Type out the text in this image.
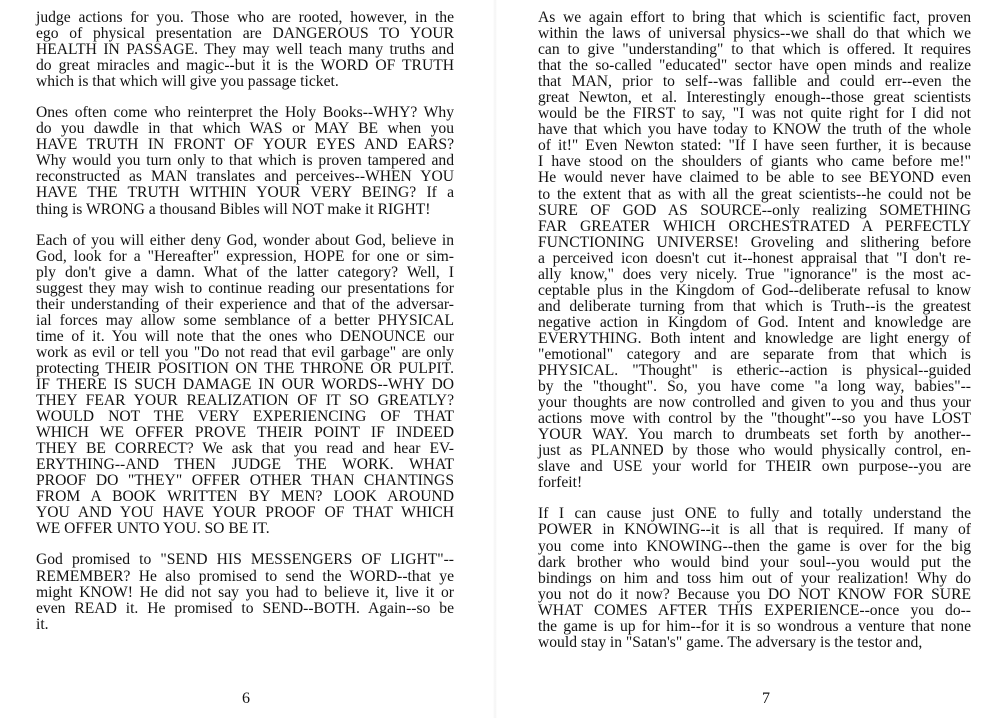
judge actions for you. Those who are rooted, however, in the
ego of physical presentation are DANGEROUS TO YOUR
HEALTH IN PASSAGE. They may well teach many truths and
do great miracles and magic--but it is the WORD OF TRUTH
which is that which will give you passage ticket.
Ones often come who reinterpret the Holy Books--WHY? Why
do you dawdle in that which WAS or MAY BE when you
HAVE TRUTH IN FRONT OF YOUR EYES AND EARS?
Why would you turn only to that which is proven tampered and
reconstructed as MAN translates and perceives--WHEN YOU
HAVE THE TRUTH WITHIN YOUR VERY BEING? If a
thing is WRONG a thousand Bibles will NOT make it RIGHT!
Each of you will either deny God, wonder about God, believe in
God, look for a "Hereafter" expression, HOPE for one or sim-
ply don't give a damn. What of the latter category? Well, I
suggest they may wish to continue reading our presentations for
their understanding of their experience and that of the adversar-
ial forces may allow some semblance of a better PHYSICAL
time of it. You will note that the ones who DENOUNCE our
work as evil or tell you "Do not read that evil garbage" are only
protecting THEIR POSITION ON THE THRONE OR PULPIT.
IF THERE IS SUCH DAMAGE IN OUR WORDS--WHY DO
THEY FEAR YOUR REALIZATION OF IT SO GREATLY?
WOULD NOT THE VERY EXPERIENCING OF THAT
WHICH WE OFFER PROVE THEIR POINT IF INDEED
THEY BE CORRECT? We ask that you read and hear EV-
ERYTHING--AND THEN JUDGE THE WORK. WHAT
PROOF DO "THEY" OFFER OTHER THAN CHANTINGS
FROM A BOOK WRITTEN BY MEN? LOOK AROUND
YOU AND YOU HAVE YOUR PROOF OF THAT WHICH
WE OFFER UNTO YOU. SO BE IT.
God promised to "SEND HIS MESSENGERS OF LIGHT"--
REMEMBER? He also promised to send the WORD--that ye
might KNOW! He did not say you had to believe it, live it or
even READ it. He promised to SEND--BOTH. Again--so be
it.
6
As we again effort to bring that which is scientific fact, proven
within the laws of universal physics--we shall do that which we
can to give "understanding" to that which is offered. It requires
that the so-called "educated" sector have open minds and realize
that MAN, prior to self--was fallible and could err--even the
great Newton, et al. Interestingly enough--those great scientists
would be the FIRST to say, "I was not quite right for I did not
have that which you have today to KNOW the truth of the whole
of it!" Even Newton stated: "If I have seen further, it is because
I have stood on the shoulders of giants who came before me!"
He would never have claimed to be able to see BEYOND even
to the extent that as with all the great scientists--he could not be
SURE OF GOD AS SOURCE--only realizing SOMETHING
FAR GREATER WHICH ORCHESTRATED A PERFECTLY
FUNCTIONING UNIVERSE! Groveling and slithering before
a perceived icon doesn't cut it--honest appraisal that "I don't re-
ally know," does very nicely. True "ignorance" is the most ac-
ceptable plus in the Kingdom of God--deliberate refusal to know
and deliberate turning from that which is Truth--is the greatest
negative action in Kingdom of God. Intent and knowledge are
EVERYTHING. Both intent and knowledge are light energy of
"emotional" category and are separate from that which is
PHYSICAL. "Thought" is etheric--action is physical--guided
by the "thought". So, you have come "a long way, babies"--
your thoughts are now controlled and given to you and thus your
actions move with control by the "thought"--so you have LOST
YOUR WAY. You march to drumbeats set forth by another--
just as PLANNED by those who would physically control, en-
slave and USE your world for THEIR own purpose--you are
forfeit!
If I can cause just ONE to fully and totally understand the
POWER in KNOWING--it is all that is required. If many of
you come into KNOWING--then the game is over for the big
dark brother who would bind your soul--you would put the
bindings on him and toss him out of your realization! Why do
you not do it now? Because you DO NOT KNOW FOR SURE
WHAT COMES AFTER THIS EXPERIENCE--once you do--
the game is up for him--for it is so wondrous a venture that none
would stay in "Satan's" game. The adversary is the testor and,
7
